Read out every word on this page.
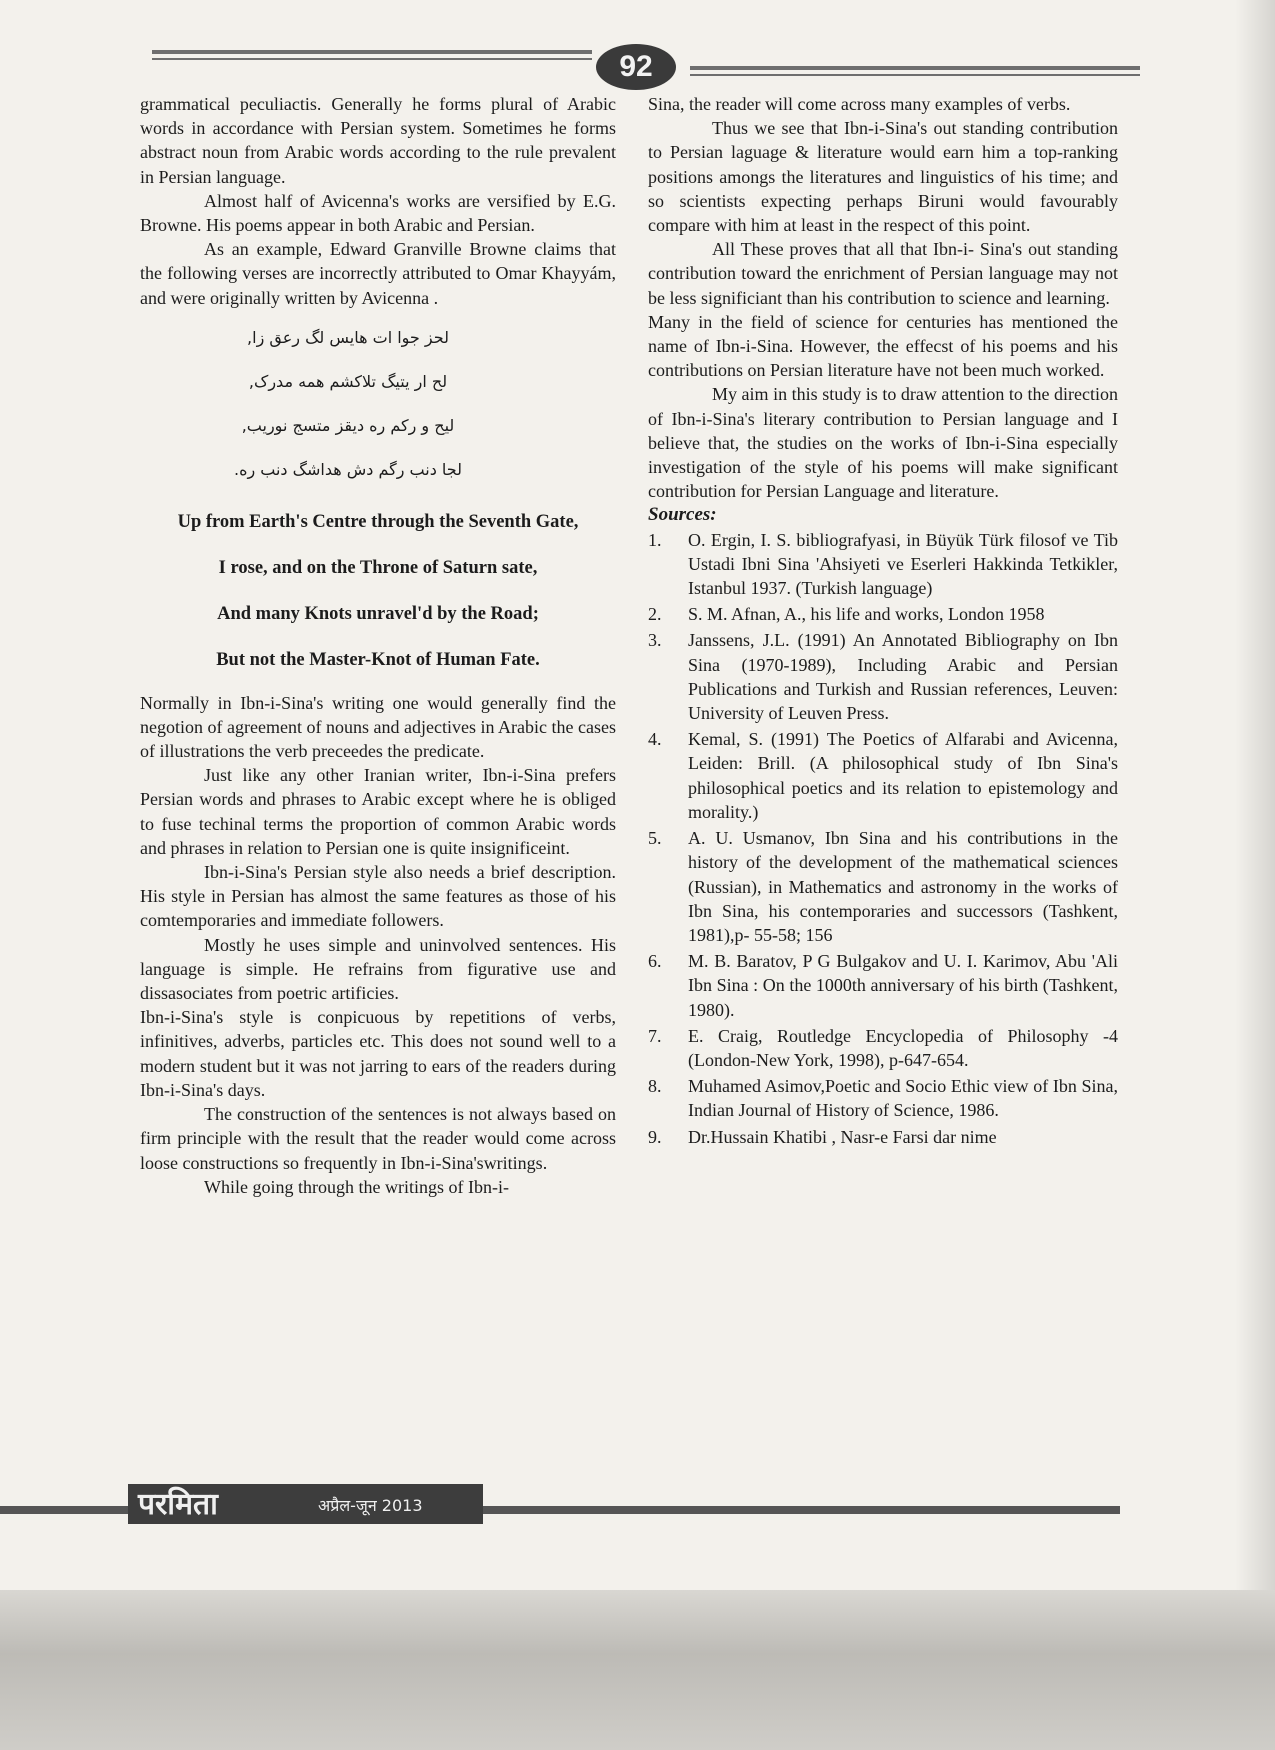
92

grammatical peculiactis. Generally he forms plural of Arabic words in accordance with Persian system. Sometimes he forms abstract noun from Arabic words according to the rule prevalent in Persian language.

Almost half of Avicenna's works are versified by E.G. Browne. His poems appear in both Arabic and Persian.

As an example, Edward Granville Browne claims that the following verses are incorrectly attributed to Omar Khayyám, and were originally written by Avicenna .

لحز جوا ات هایس لگ رعق زا,

لح ار یتیگ تلاکشم همه مدرک,

لیح و رکم ره دیقز متسج نوریب,

لجا دنب رگم دش هداشگ دنب ره.

Up from Earth's Centre through the Seventh Gate,

I rose, and on the Throne of Saturn sate,

And many Knots unravel'd by the Road;

But not the Master-Knot of Human Fate.

Normally in Ibn-i-Sina's writing one would generally find the negotion of agreement of nouns and adjectives in Arabic the cases of illustrations the verb preceedes the predicate.

Just like any other Iranian writer, Ibn-i-Sina prefers Persian words and phrases to Arabic except where he is obliged to fuse techinal terms the proportion of common Arabic words and phrases in relation to Persian one is quite insignificeint.

Ibn-i-Sina's Persian style also needs a brief description. His style in Persian has almost the same features as those of his comtemporaries and immediate followers.

Mostly he uses simple and uninvolved sentences. His language is simple. He refrains from figurative use and dissasociates from poetric artificies.

Ibn-i-Sina's style is conpicuous by repetitions of verbs, infinitives, adverbs, particles etc. This does not sound well to a modern student but it was not jarring to ears of the readers during Ibn-i-Sina's days.

The construction of the sentences is not always based on firm principle with the result that the reader would come across loose constructions so frequently in Ibn-i-Sina'swritings.

While going through the writings of Ibn-i-

Sina, the reader will come across many examples of verbs.

Thus we see that Ibn-i-Sina's out standing contribution to Persian laguage & literature would earn him a top-ranking positions amongs the literatures and linguistics of his time; and so scientists expecting perhaps Biruni would favourably compare with him at least in the respect of this point.

All These proves that all that Ibn-i- Sina's out standing contribution toward the enrichment of Persian language may not be less significiant than his contribution to science and learning.

Many in the field of science for centuries has mentioned the name of Ibn-i-Sina. However, the effecst of his poems and his contributions on Persian literature have not been much worked.

My aim in this study is to draw attention to the direction of Ibn-i-Sina's literary contribution to Persian language and I believe that, the studies on the works of Ibn-i-Sina especially investigation of the style of his poems will make significant contribution for Persian Language and literature.

Sources:

1. O. Ergin, I. S. bibliografyasi, in Büyük Türk filosof ve Tib Ustadi Ibni Sina 'Ahsiyeti ve Eserleri Hakkinda Tetkikler, Istanbul 1937. (Turkish language)
2. S. M. Afnan, A., his life and works, London 1958
3. Janssens, J.L. (1991) An Annotated Bibliography on Ibn Sina (1970-1989), Including Arabic and Persian Publications and Turkish and Russian references, Leuven: University of Leuven Press.
4. Kemal, S. (1991) The Poetics of Alfarabi and Avicenna, Leiden: Brill. (A philosophical study of Ibn Sina's philosophical poetics and its relation to epistemology and morality.)
5. A. U. Usmanov, Ibn Sina and his contributions in the history of the development of the mathematical sciences (Russian), in Mathematics and astronomy in the works of Ibn Sina, his contemporaries and successors (Tashkent, 1981),p- 55-58; 156
6. M. B. Baratov, P G Bulgakov and U. I. Karimov, Abu 'Ali Ibn Sina : On the 1000th anniversary of his birth (Tashkent, 1980).
7. E. Craig, Routledge Encyclopedia of Philosophy -4 (London-New York, 1998), p-647-654.
8. Muhamed Asimov,Poetic and Socio Ethic view of Ibn Sina, Indian Journal of History of Science, 1986.
9. Dr.Hussain Khatibi , Nasr-e Farsi dar nime
परमिता	अप्रैल-जून 2013
